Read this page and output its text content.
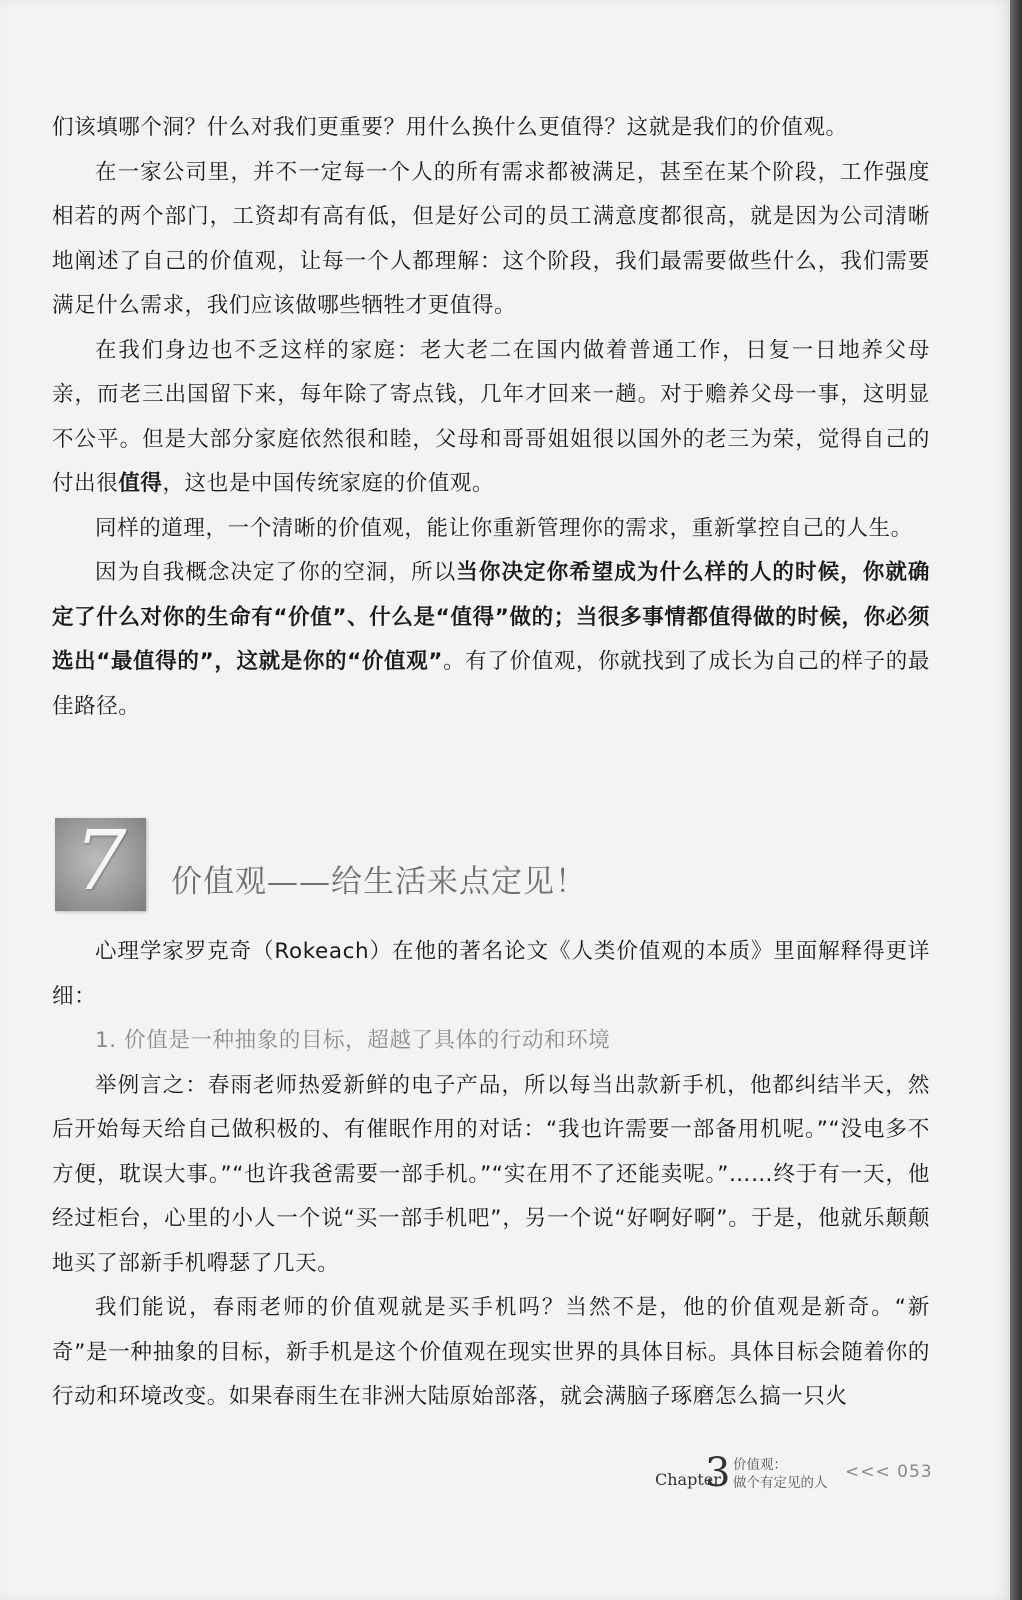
们该填哪个洞？什么对我们更重要？用什么换什么更值得？这就是我们的价值观。

在一家公司里，并不一定每一个人的所有需求都被满足，甚至在某个阶段，工作强度相若的两个部门，工资却有高有低，但是好公司的员工满意度都很高，就是因为公司清晰地阐述了自己的价值观，让每一个人都理解：这个阶段，我们最需要做些什么，我们需要满足什么需求，我们应该做哪些牺牲才更值得。

在我们身边也不乏这样的家庭：老大老二在国内做着普通工作，日复一日地养父母亲，而老三出国留下来，每年除了寄点钱，几年才回来一趟。对于赡养父母一事，这明显不公平。但是大部分家庭依然很和睦，父母和哥哥姐姐很以国外的老三为荣，觉得自己的付出很值得，这也是中国传统家庭的价值观。

同样的道理，一个清晰的价值观，能让你重新管理你的需求，重新掌控自己的人生。

因为自我概念决定了你的空洞，所以当你决定你希望成为什么样的人的时候，你就确定了什么对你的生命有“价值”、什么是“值得”做的；当很多事情都值得做的时候，你必须选出“最值得的”，这就是你的“价值观”。有了价值观，你就找到了成长为自己的样子的最佳路径。

7	价值观——给生活来点定见！

心理学家罗克奇（Rokeach）在他的著名论文《人类价值观的本质》里面解释得更详细：

1. 价值是一种抽象的目标，超越了具体的行动和环境

举例言之：春雨老师热爱新鲜的电子产品，所以每当出款新手机，他都纠结半天，然后开始每天给自己做积极的、有催眠作用的对话：“我也许需要一部备用机呢。”“没电多不方便，耽误大事。”“也许我爸需要一部手机。”“实在用不了还能卖呢。”……终于有一天，他经过柜台，心里的小人一个说“买一部手机吧”，另一个说“好啊好啊”。于是，他就乐颠颠地买了部新手机嘚瑟了几天。

我们能说，春雨老师的价值观就是买手机吗？当然不是，他的价值观是新奇。“新奇”是一种抽象的目标，新手机是这个价值观在现实世界的具体目标。具体目标会随着你的行动和环境改变。如果春雨生在非洲大陆原始部落，就会满脑子琢磨怎么搞一只火

Chapter
3 价值观：
做个有定见的人
<<< 053
